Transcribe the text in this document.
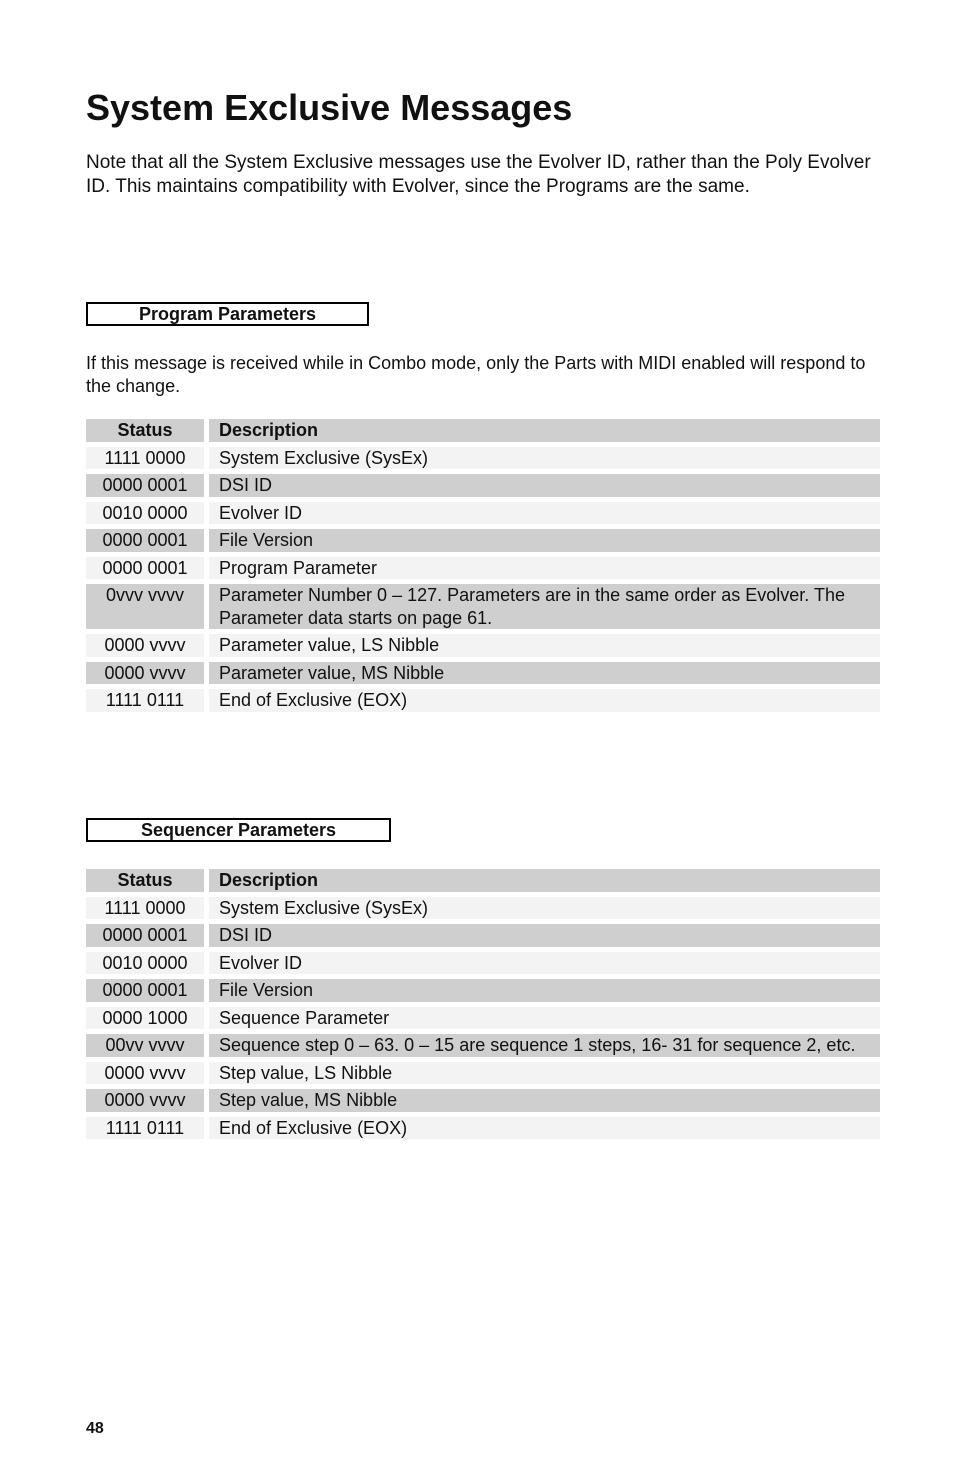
System Exclusive Messages

Note that all the System Exclusive messages use the Evolver ID, rather than the Poly Evolver ID. This maintains compatibility with Evolver, since the Programs are the same.

Program Parameters

If this message is received while in Combo mode, only the Parts with MIDI enabled will respond to the change.

Status	Description
1111 0000	System Exclusive (SysEx)
0000 0001	DSI ID
0010 0000	Evolver ID
0000 0001	File Version
0000 0001	Program Parameter
0vvv vvvv	Parameter Number 0 – 127. Parameters are in the same order as Evolver. The Parameter data starts on page 61.
0000 vvvv	Parameter value, LS Nibble
0000 vvvv	Parameter value, MS Nibble
1111 0111	End of Exclusive (EOX)
Sequencer Parameters
Status	Description
1111 0000	System Exclusive (SysEx)
0000 0001	DSI ID
0010 0000	Evolver ID
0000 0001	File Version
0000 1000	Sequence Parameter
00vv vvvv	Sequence step 0 – 63. 0 – 15 are sequence 1 steps, 16- 31 for sequence 2, etc.
0000 vvvv	Step value, LS Nibble
0000 vvvv	Step value, MS Nibble
1111 0111	End of Exclusive (EOX)
48
